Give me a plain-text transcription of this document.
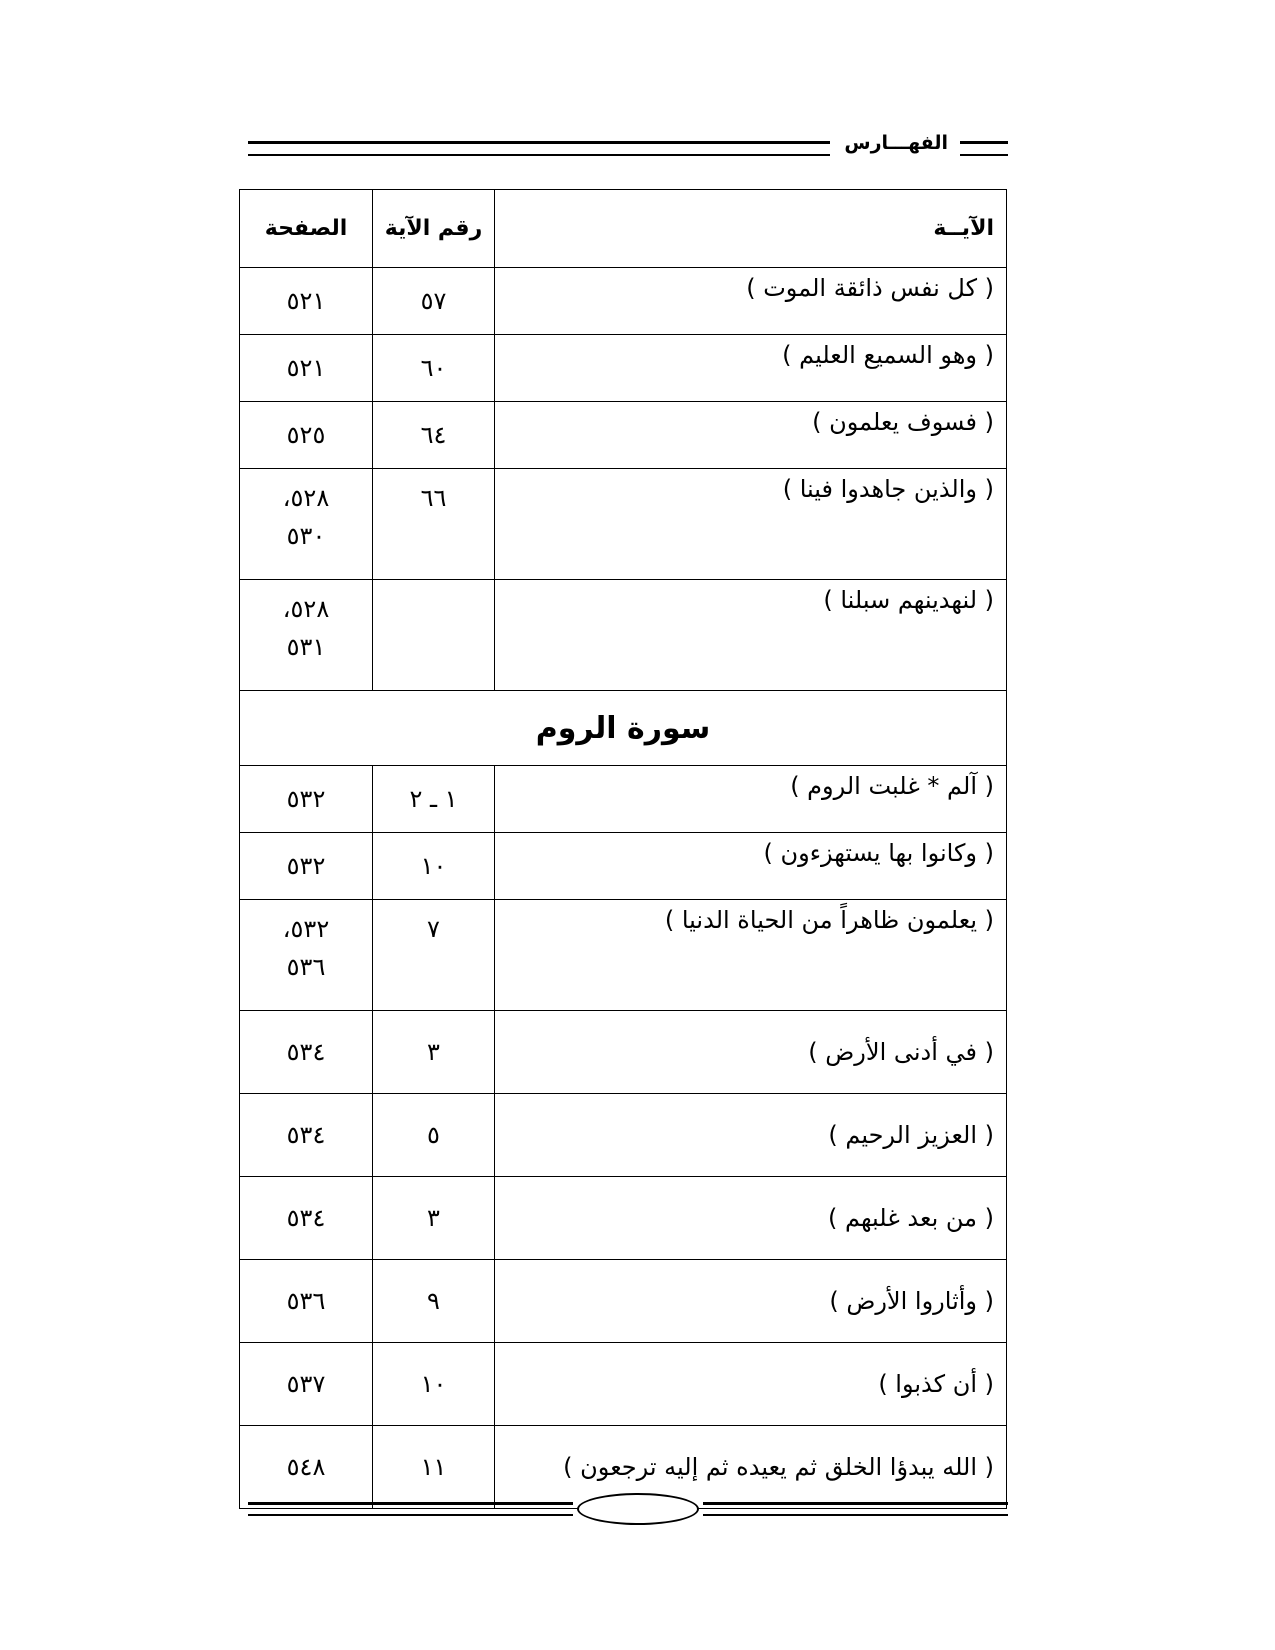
الفهـــارس
الآيــة	رقم الآية	الصفحة
( كل نفس ذائقة الموت )	٥٧	٥٢١
( وهو السميع العليم )	٦٠	٥٢١
( فسوف يعلمون )	٦٤	٥٢٥
( والذين جاهدوا فينا )	٦٦	٥٢٨،
٥٣٠

( لنهدينهم سبلنا )		٥٢٨،
٥٣١

سورة الروم		
( آلم * غلبت الروم )	١ ـ ٢	٥٣٢
( وكانوا بها يستهزءون )	١٠	٥٣٢
( يعلمون ظاهراً من الحياة الدنيا )	٧	٥٣٢،
٥٣٦

( في أدنى الأرض )	٣	٥٣٤
( العزيز الرحيم )	٥	٥٣٤
( من بعد غلبهم )	٣	٥٣٤
( وأثاروا الأرض )	٩	٥٣٦
( أن كذبوا )	١٠	٥٣٧
( الله يبدؤا الخلق ثم يعيده ثم إليه ترجعون )	١١	٥٤٨
